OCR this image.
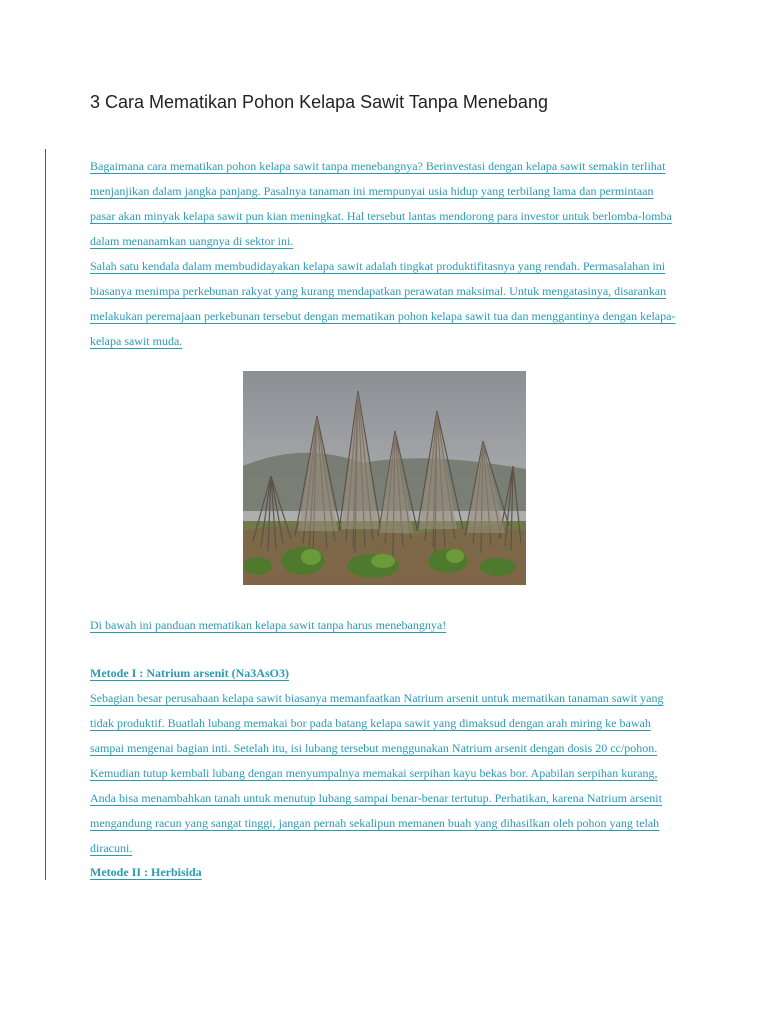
3 Cara Mematikan Pohon Kelapa Sawit Tanpa Menebang

Bagaimana cara mematikan pohon kelapa sawit tanpa menebangnya? Berinvestasi dengan kelapa sawit semakin terlihat
menjanjikan dalam jangka panjang. Pasalnya tanaman ini mempunyai usia hidup yang terbilang lama dan permintaan
pasar akan minyak kelapa sawit pun kian meningkat. Hal tersebut lantas mendorong para investor untuk berlomba-lomba
dalam menanamkan uangnya di sektor ini.

Salah satu kendala dalam membudidayakan kelapa sawit adalah tingkat produktifitasnya yang rendah. Permasalahan ini
biasanya menimpa perkebunan rakyat yang kurang mendapatkan perawatan maksimal. Untuk mengatasinya, disarankan
melakukan peremajaan perkebunan tersebut dengan mematikan pohon kelapa sawit tua dan menggantinya dengan kelapa-
kelapa sawit muda.

Di bawah ini panduan mematikan kelapa sawit tanpa harus menebangnya!

Metode I : Natrium arsenit (Na3AsO3)

Sebagian besar perusahaan kelapa sawit biasanya memanfaatkan Natrium arsenit untuk mematikan tanaman sawit yang
tidak produktif. Buatlah lubang memakai bor pada batang kelapa sawit yang dimaksud dengan arah miring ke bawah
sampai mengenai bagian inti. Setelah itu, isi lubang tersebut menggunakan Natrium arsenit dengan dosis 20 cc/pohon.
Kemudian tutup kembali lubang dengan menyumpalnya memakai serpihan kayu bekas bor. Apabilan serpihan kurang,
Anda bisa menambahkan tanah untuk menutup lubang sampai benar-benar tertutup. Perhatikan, karena Natrium arsenit
mengandung racun yang sangat tinggi, jangan pernah sekalipun memanen buah yang dihasilkan oleh pohon yang telah
diracuni.

Metode II : Herbisida
